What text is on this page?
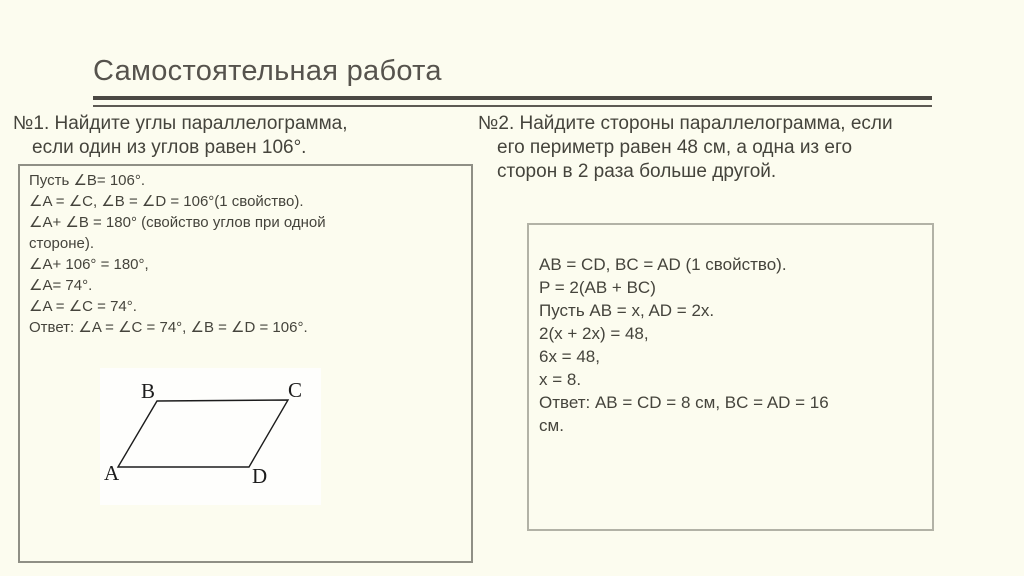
Самостоятельная работа
№1. Найдите углы параллелограмма,
если один из углов равен 106°.
№2. Найдите стороны параллелограмма, если
его периметр равен 48 см, а одна из его
сторон в 2 раза больше другой.
Пусть ∠B= 106°.
∠A = ∠C, ∠B = ∠D = 106°(1 свойство).
∠A+ ∠B = 180° (свойство углов при одной
стороне).
∠A+ 106° = 180°,
∠A= 74°.
∠A = ∠C = 74°.
Ответ: ∠A = ∠C = 74°, ∠B = ∠D = 106°.
A
B	C
D
AB = CD, BC = AD (1 свойство).
P = 2(AB + BC)
Пусть AB = x, AD = 2x.
2(x + 2x) = 48,
6x = 48,
x = 8.
Ответ: AB = CD = 8 см, BC = AD = 16
см.
